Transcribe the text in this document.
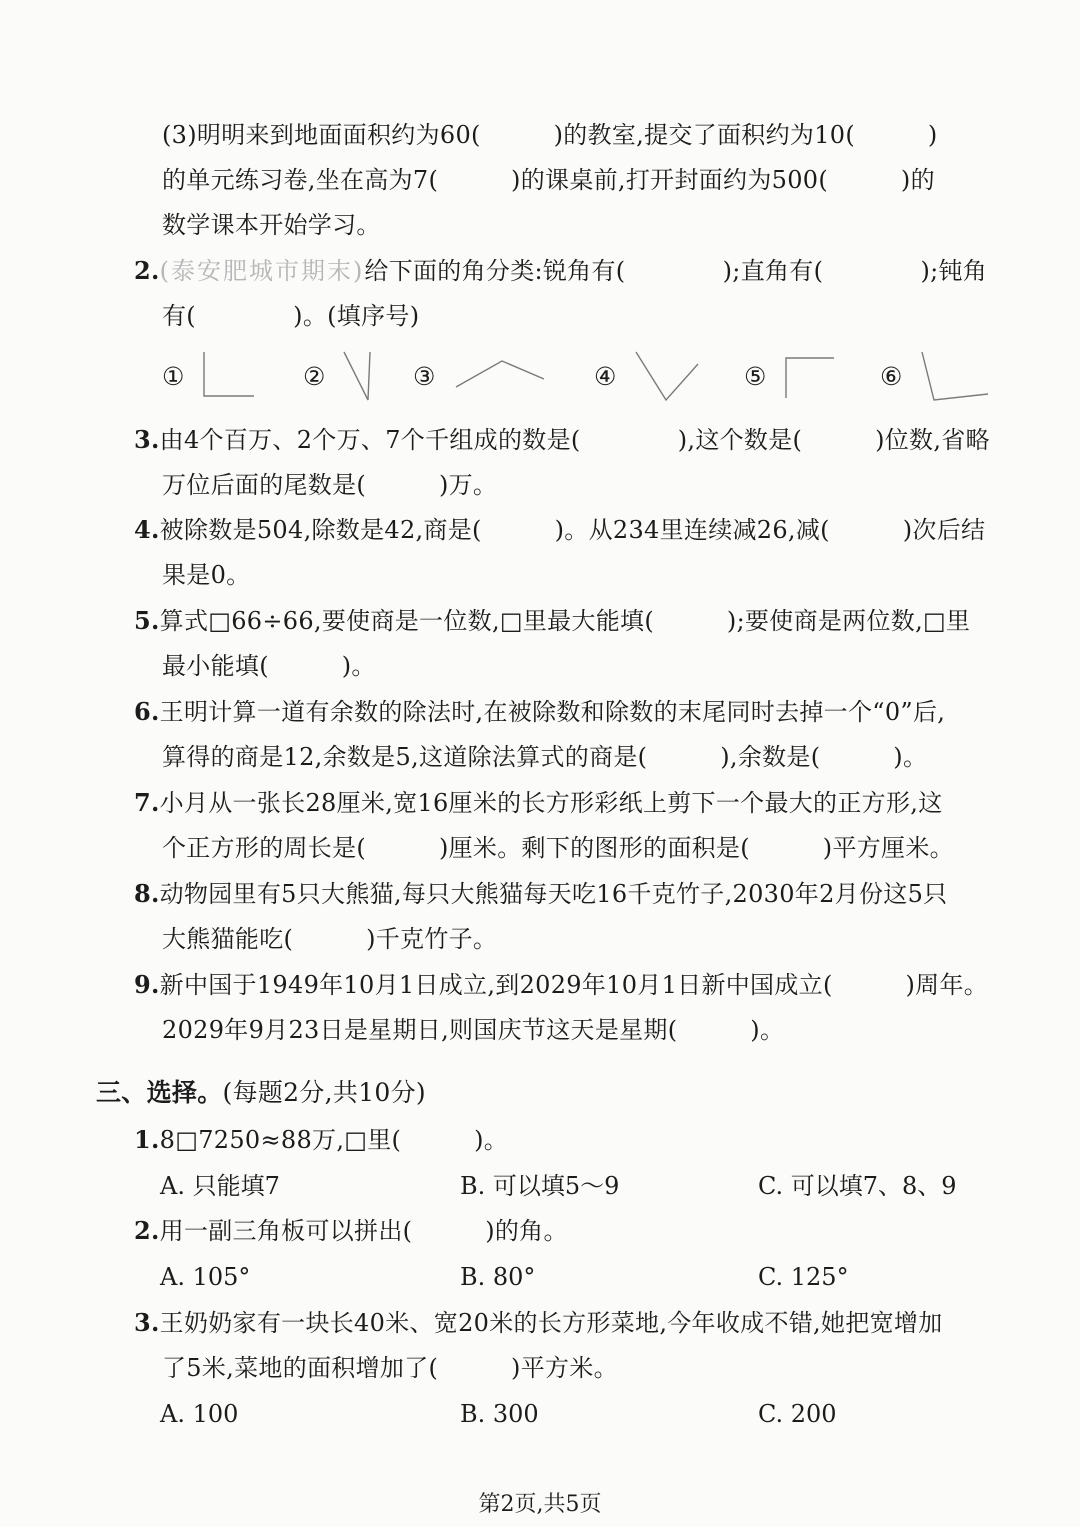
(3)明明来到地面面积约为60(　　　)的教室,提交了面积约为10(　　　)
的单元练习卷,坐在高为7(　　　)的课桌前,打开封面约为500(　　　)的
数学课本开始学习。
2.(泰安肥城市期末)给下面的角分类:锐角有(　　　　);直角有(　　　　);钝角
有(　　　　)。(填序号)
①	②	③	④	⑤	⑥
3.由4个百万、2个万、7个千组成的数是(　　　　),这个数是(　　　)位数,省略
万位后面的尾数是(　　　)万。
4.被除数是504,除数是42,商是(　　　)。从234里连续减26,减(　　　)次后结
果是0。
5.算式□66÷66,要使商是一位数,□里最大能填(　　　);要使商是两位数,□里
最小能填(　　　)。
6.王明计算一道有余数的除法时,在被除数和除数的末尾同时去掉一个“0”后,
算得的商是12,余数是5,这道除法算式的商是(　　　),余数是(　　　)。
7.小月从一张长28厘米,宽16厘米的长方形彩纸上剪下一个最大的正方形,这
个正方形的周长是(　　　)厘米。剩下的图形的面积是(　　　)平方厘米。
8.动物园里有5只大熊猫,每只大熊猫每天吃16千克竹子,2030年2月份这5只
大熊猫能吃(　　　)千克竹子。
9.新中国于1949年10月1日成立,到2029年10月1日新中国成立(　　　)周年。
2029年9月23日是星期日,则国庆节这天是星期(　　　)。
三、选择。(每题2分,共10分)
1.8□7250≈88万,□里(　　　)。
A. 只能填7	B. 可以填5～9	C. 可以填7、8、9
2.用一副三角板可以拼出(　　　)的角。
A. 105°	B. 80°	C. 125°
3.王奶奶家有一块长40米、宽20米的长方形菜地,今年收成不错,她把宽增加
了5米,菜地的面积增加了(　　　)平方米。
A. 100	B. 300	C. 200
第2页,共5页
